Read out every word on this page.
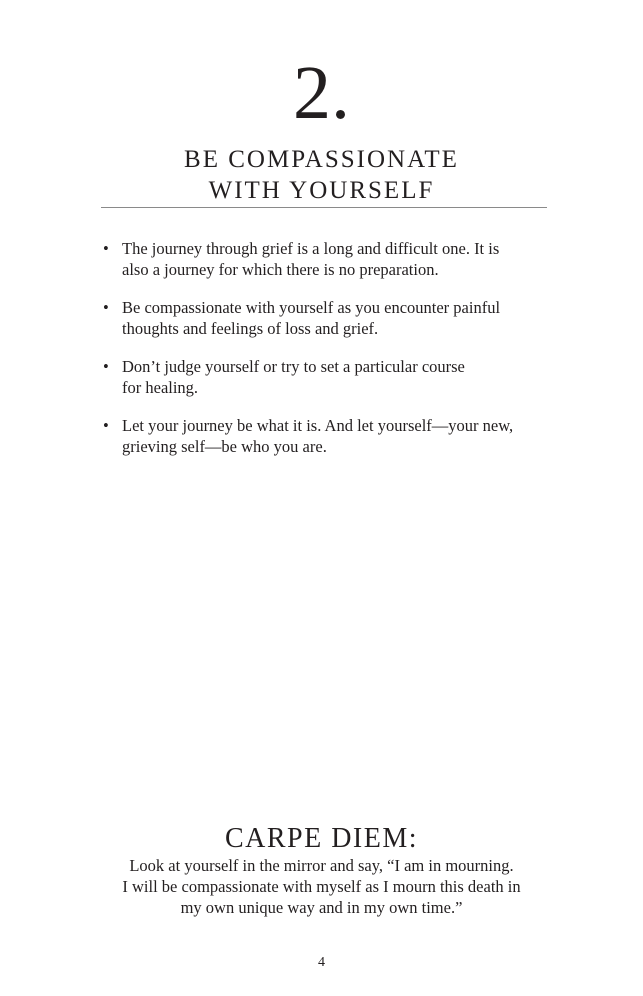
2.
BE COMPASSIONATE
WITH YOURSELF
• The journey through grief is a long and difficult one. It is
also a journey for which there is no preparation.
• Be compassionate with yourself as you encounter painful
thoughts and feelings of loss and grief.
• Don’t judge yourself or try to set a particular course
for healing.
• Let your journey be what it is. And let yourself—your new,
grieving self—be who you are.
CARPE DIEM:
Look at yourself in the mirror and say, “I am in mourning.
I will be compassionate with myself as I mourn this death in
my own unique way and in my own time.”
4
